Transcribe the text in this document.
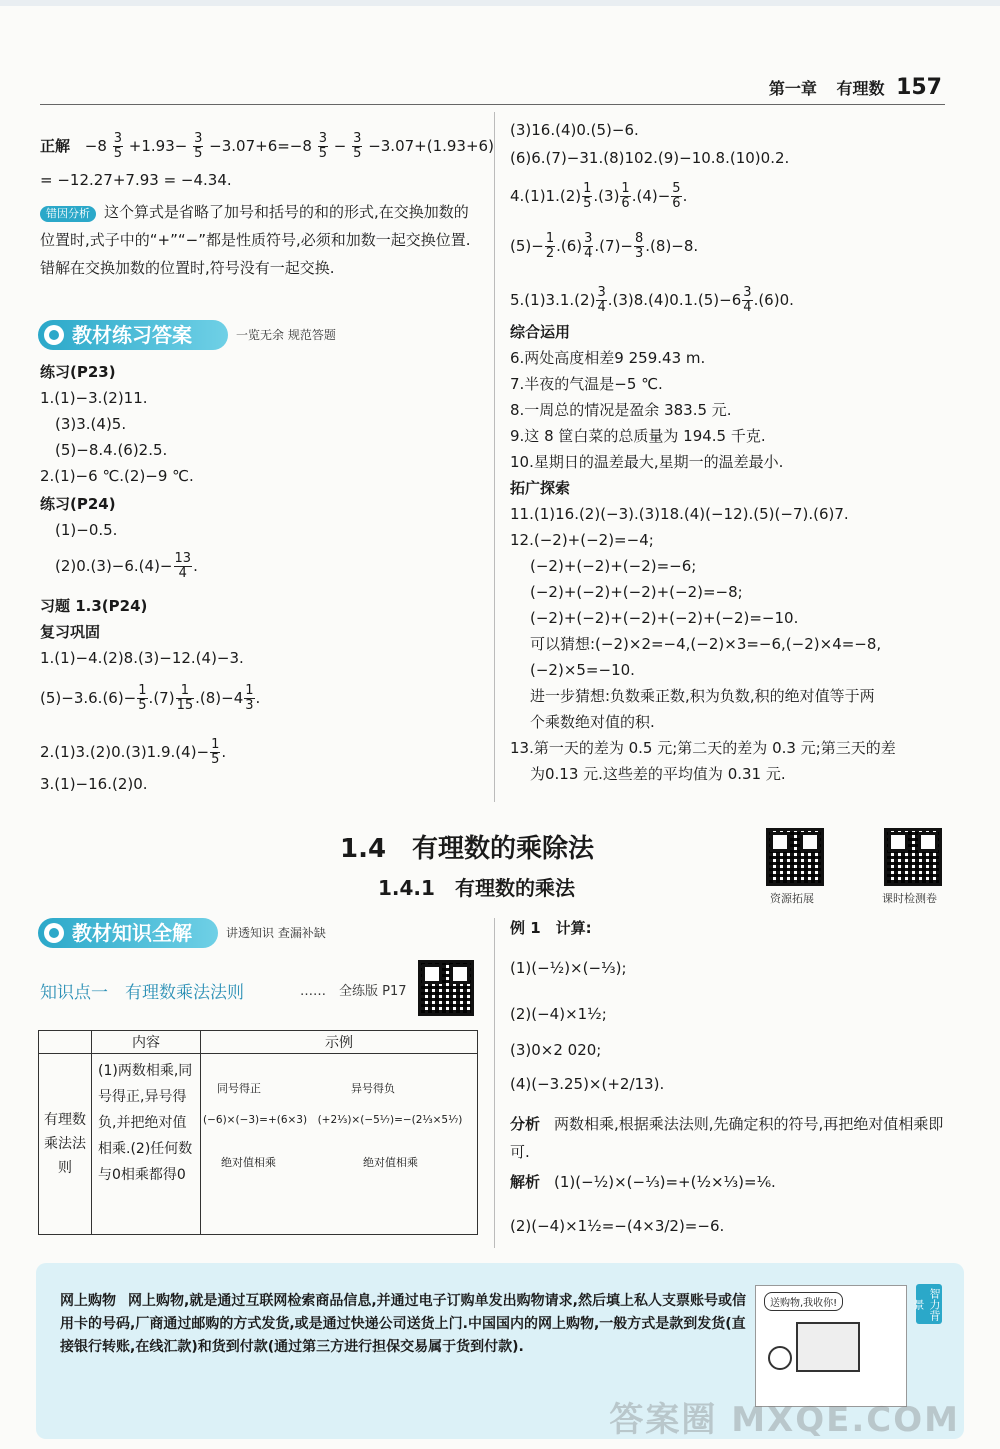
第一章 有理数 157
正解 $-8 \frac{3}{5} +1.93- \frac{3}{5} -3.07+6=-8 \frac{3}{5} - \frac{3}{5} -3.07+(1.93+6)$
= −12.27+7.93 = −4.34.
错因分析 这个算式是省略了加号和括号的和的形式,在交换加数的位置时,式子中的“+”“−”都是性质符号,必须和加数一起交换位置.错解在交换加数的位置时,符号没有一起交换.
教材练习答案	一览无余 规范答题
练习(P23)
1.(1)−3.(2)11.
(3)3.(4)5.
(5)−8.4.(6)2.5.
2.(1)−6 ℃.(2)−9 ℃.
练习(P24)
(1)−0.5.
$(2)0.(3)-6.(4)- \frac{13}{4}$ .
习题 1.3(P24)
复习巩固
1.(1)−4.(2)8.(3)−12.(4)−3.
$(5)-3.6.(6)- \frac{1}{5} .(7) \frac{1}{15} .(8)-4 \frac{1}{3}$ .
$2.(1)3.(2)0.(3)1.9.(4)- \frac{1}{5}$ .
3.(1)−16.(2)0.
(3)16.(4)0.(5)−6.
(6)6.(7)−31.(8)102.(9)−10.8.(10)0.2.
$4.(1)1.(2) \frac{1}{5} .(3) \frac{1}{6} .(4)- \frac{5}{6}$ .
$(5)- \frac{1}{2} .(6) \frac{3}{4} .(7)- \frac{8}{3} .(8)-8$.
$5.(1)3.1.(2) \frac{3}{4} .(3)8.(4)0.1.(5)-6 \frac{3}{4} .(6)0$.
综合运用
6.两处高度相差9 259.43 m.
7.半夜的气温是−5 ℃.
8.一周总的情况是盈余 383.5 元.
9.这 8 筐白菜的总质量为 194.5 千克.
10.星期日的温差最大,星期一的温差最小.
拓广探索
11.(1)16.(2)(−3).(3)18.(4)(−12).(5)(−7).(6)7.
12.(−2)+(−2)=−4;
(−2)+(−2)+(−2)=−6;
(−2)+(−2)+(−2)+(−2)=−8;
(−2)+(−2)+(−2)+(−2)+(−2)=−10.
可以猜想:(−2)×2=−4,(−2)×3=−6,(−2)×4=−8,
(−2)×5=−10.
进一步猜想:负数乘正数,积为负数,积的绝对值等于两
个乘数绝对值的积.
13.第一天的差为 0.5 元;第二天的差为 0.3 元;第三天的差
为0.13 元.这些差的平均值为 0.31 元.
1.4　有理数的乘除法
1.4.1　有理数的乘法	资源拓展	课时检测卷
教材知识全解	讲透知识 查漏补缺
知识点一　有理数乘法法则	……　全练版 P17
	内容	示例
有理数乘法法则	(1)两数相乘,同号得正,异号得负,并把绝对值相乘.(2)任何数与0相乘都得0	同号得正 异号得负
(−6)×(−3)=+(6×3)　(+2⅓)×(−5⅐)=−(2⅓×5⅐)
绝对值相乘 绝对值相乘
例 1　计算:
(1)(−½)×(−⅓);
(2)(−4)×1½;
(3)0×2 020;
(4)(−3.25)×(+2/13).
分析 两数相乘,根据乘法法则,先确定积的符号,再把绝对值相乘即可.
解析 (1)(−½)×(−⅓)=+(½×⅓)=⅙.
(2)(−4)×1½=−(4×3/2)=−6.
网上购物 网上购物,就是通过互联网检索商品信息,并通过电子订购单发出购物请求,然后填上私人支票账号或信用卡的号码,厂商通过邮购的方式发货,或是通过快递公司送货上门.中国国内的网上购物,一般方式是款到发货(直接银行转账,在线汇款)和货到付款(通过第三方进行担保交易属于货到付款).
送购物,我收你!	智力背景
答案圈 MXQE.COM
